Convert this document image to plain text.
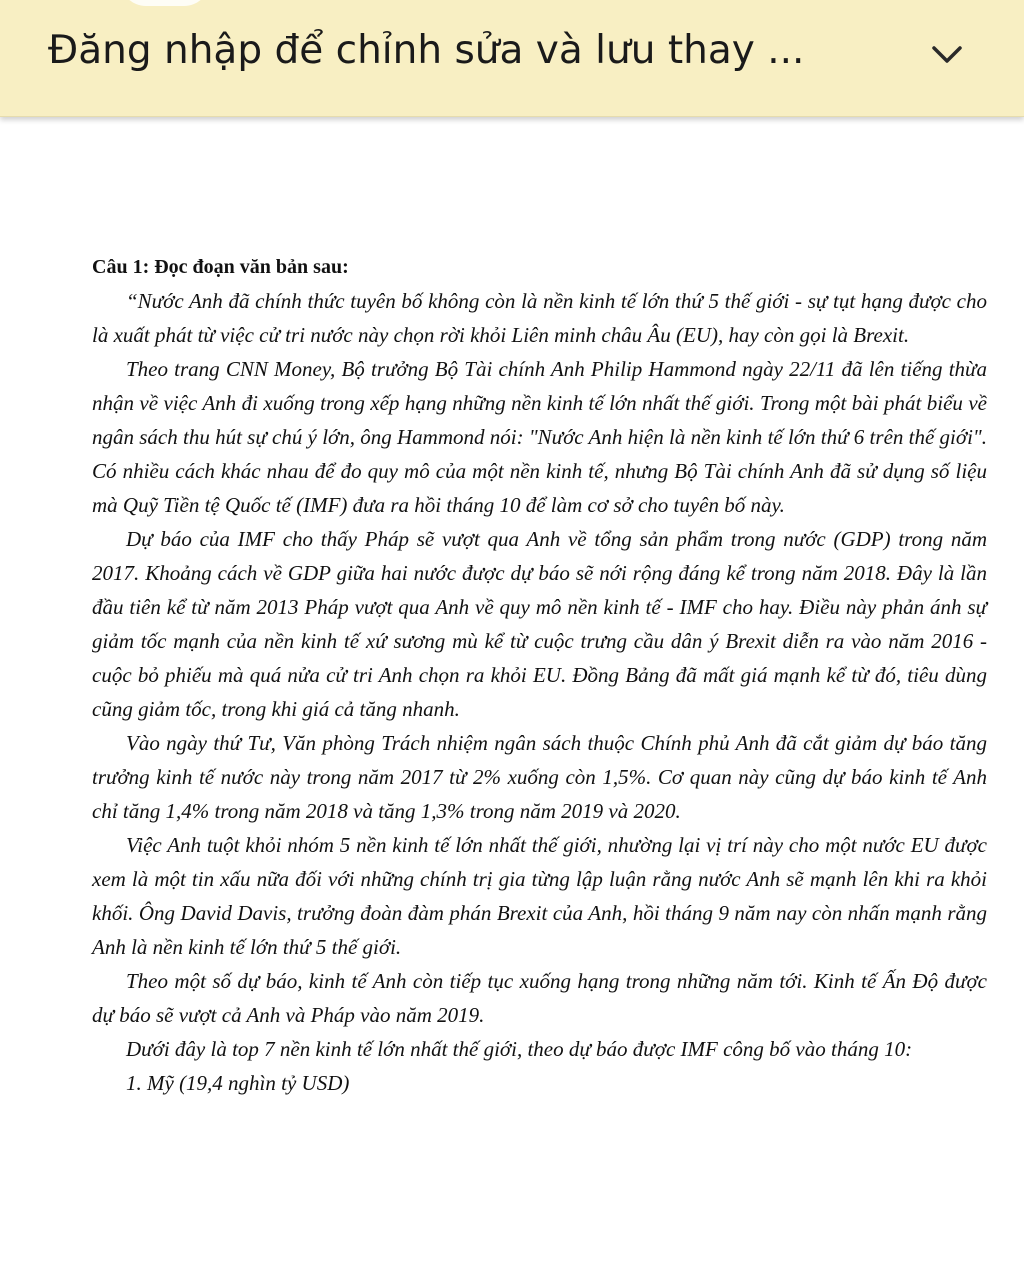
Đăng nhập để chỉnh sửa và lưu thay ...

Câu 1: Đọc đoạn văn bản sau:

“Nước Anh đã chính thức tuyên bố không còn là nền kinh tế lớn thứ 5 thế giới - sự tụt hạng được cho là xuất phát từ việc cử tri nước này chọn rời khỏi Liên minh châu Âu (EU), hay còn gọi là Brexit.

Theo trang CNN Money, Bộ trưởng Bộ Tài chính Anh Philip Hammond ngày 22/11 đã lên tiếng thừa nhận về việc Anh đi xuống trong xếp hạng những nền kinh tế lớn nhất thế giới. Trong một bài phát biểu về ngân sách thu hút sự chú ý lớn, ông Hammond nói: "Nước Anh hiện là nền kinh tế lớn thứ 6 trên thế giới". Có nhiều cách khác nhau để đo quy mô của một nền kinh tế, nhưng Bộ Tài chính Anh đã sử dụng số liệu mà Quỹ Tiền tệ Quốc tế (IMF) đưa ra hồi tháng 10 để làm cơ sở cho tuyên bố này.

Dự báo của IMF cho thấy Pháp sẽ vượt qua Anh về tổng sản phẩm trong nước (GDP) trong năm 2017. Khoảng cách về GDP giữa hai nước được dự báo sẽ nới rộng đáng kể trong năm 2018. Đây là lần đầu tiên kể từ năm 2013 Pháp vượt qua Anh về quy mô nền kinh tế - IMF cho hay. Điều này phản ánh sự giảm tốc mạnh của nền kinh tế xứ sương mù kể từ cuộc trưng cầu dân ý Brexit diễn ra vào năm 2016 - cuộc bỏ phiếu mà quá nửa cử tri Anh chọn ra khỏi EU. Đồng Bảng đã mất giá mạnh kể từ đó, tiêu dùng cũng giảm tốc, trong khi giá cả tăng nhanh.

Vào ngày thứ Tư, Văn phòng Trách nhiệm ngân sách thuộc Chính phủ Anh đã cắt giảm dự báo tăng trưởng kinh tế nước này trong năm 2017 từ 2% xuống còn 1,5%. Cơ quan này cũng dự báo kinh tế Anh chỉ tăng 1,4% trong năm 2018 và tăng 1,3% trong năm 2019 và 2020.

Việc Anh tuột khỏi nhóm 5 nền kinh tế lớn nhất thế giới, nhường lại vị trí này cho một nước EU được xem là một tin xấu nữa đối với những chính trị gia từng lập luận rằng nước Anh sẽ mạnh lên khi ra khỏi khối. Ông David Davis, trưởng đoàn đàm phán Brexit của Anh, hồi tháng 9 năm nay còn nhấn mạnh rằng Anh là nền kinh tế lớn thứ 5 thế giới.

Theo một số dự báo, kinh tế Anh còn tiếp tục xuống hạng trong những năm tới. Kinh tế Ấn Độ được dự báo sẽ vượt cả Anh và Pháp vào năm 2019.

Dưới đây là top 7 nền kinh tế lớn nhất thế giới, theo dự báo được IMF công bố vào tháng 10:

1. Mỹ (19,4 nghìn tỷ USD)
